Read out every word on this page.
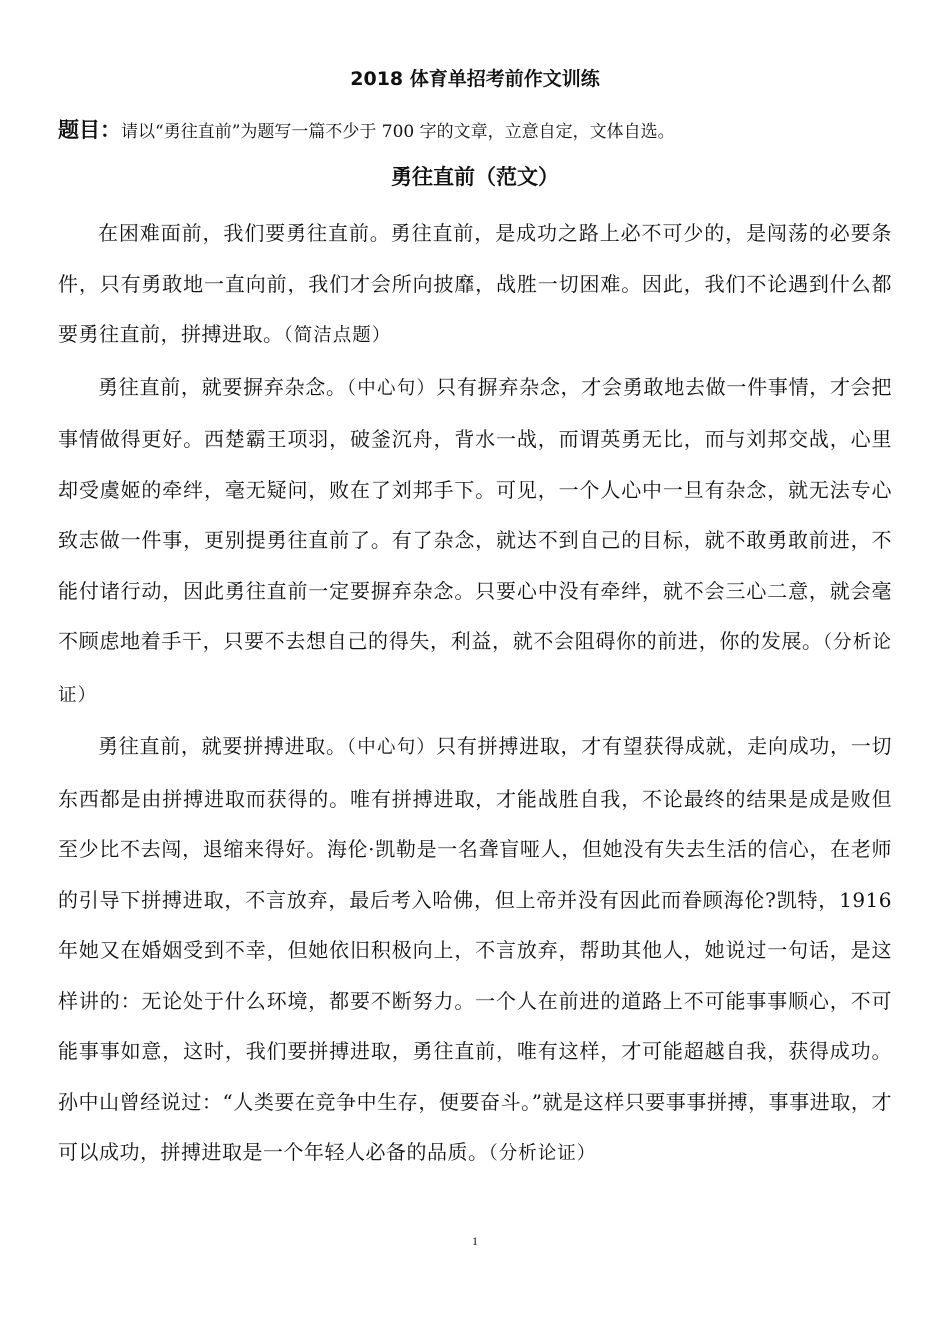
2018 体育单招考前作文训练
题目：请以“勇往直前”为题写一篇不少于 700 字的文章，立意自定，文体自选。
勇往直前（范文）

在困难面前，我们要勇往直前。勇往直前，是成功之路上必不可少的，是闯荡的必要条件，只有勇敢地一直向前，我们才会所向披靡，战胜一切困难。因此，我们不论遇到什么都要勇往直前，拼搏进取。（简洁点题）

勇往直前，就要摒弃杂念。（中心句）只有摒弃杂念，才会勇敢地去做一件事情，才会把事情做得更好。西楚霸王项羽，破釜沉舟，背水一战，而谓英勇无比，而与刘邦交战，心里却受虞姬的牵绊，毫无疑问，败在了刘邦手下。可见，一个人心中一旦有杂念，就无法专心致志做一件事，更别提勇往直前了。有了杂念，就达不到自己的目标，就不敢勇敢前进，不能付诸行动，因此勇往直前一定要摒弃杂念。只要心中没有牵绊，就不会三心二意，就会毫不顾虑地着手干，只要不去想自己的得失，利益，就不会阻碍你的前进，你的发展。（分析论证）

勇往直前，就要拼搏进取。（中心句）只有拼搏进取，才有望获得成就，走向成功，一切东西都是由拼搏进取而获得的。唯有拼搏进取，才能战胜自我，不论最终的结果是成是败但至少比不去闯，退缩来得好。海伦·凯勒是一名聋盲哑人，但她没有失去生活的信心，在老师的引导下拼搏进取，不言放弃，最后考入哈佛，但上帝并没有因此而眷顾海伦?凯特，1916 年她又在婚姻受到不幸，但她依旧积极向上，不言放弃，帮助其他人，她说过一句话，是这样讲的：无论处于什么环境，都要不断努力。一个人在前进的道路上不可能事事顺心，不可能事事如意，这时，我们要拼搏进取，勇往直前，唯有这样，才可能超越自我，获得成功。孙中山曾经说过：“人类要在竞争中生存，便要奋斗。”就是这样只要事事拼搏，事事进取，才可以成功，拼搏进取是一个年轻人必备的品质。（分析论证）

1
